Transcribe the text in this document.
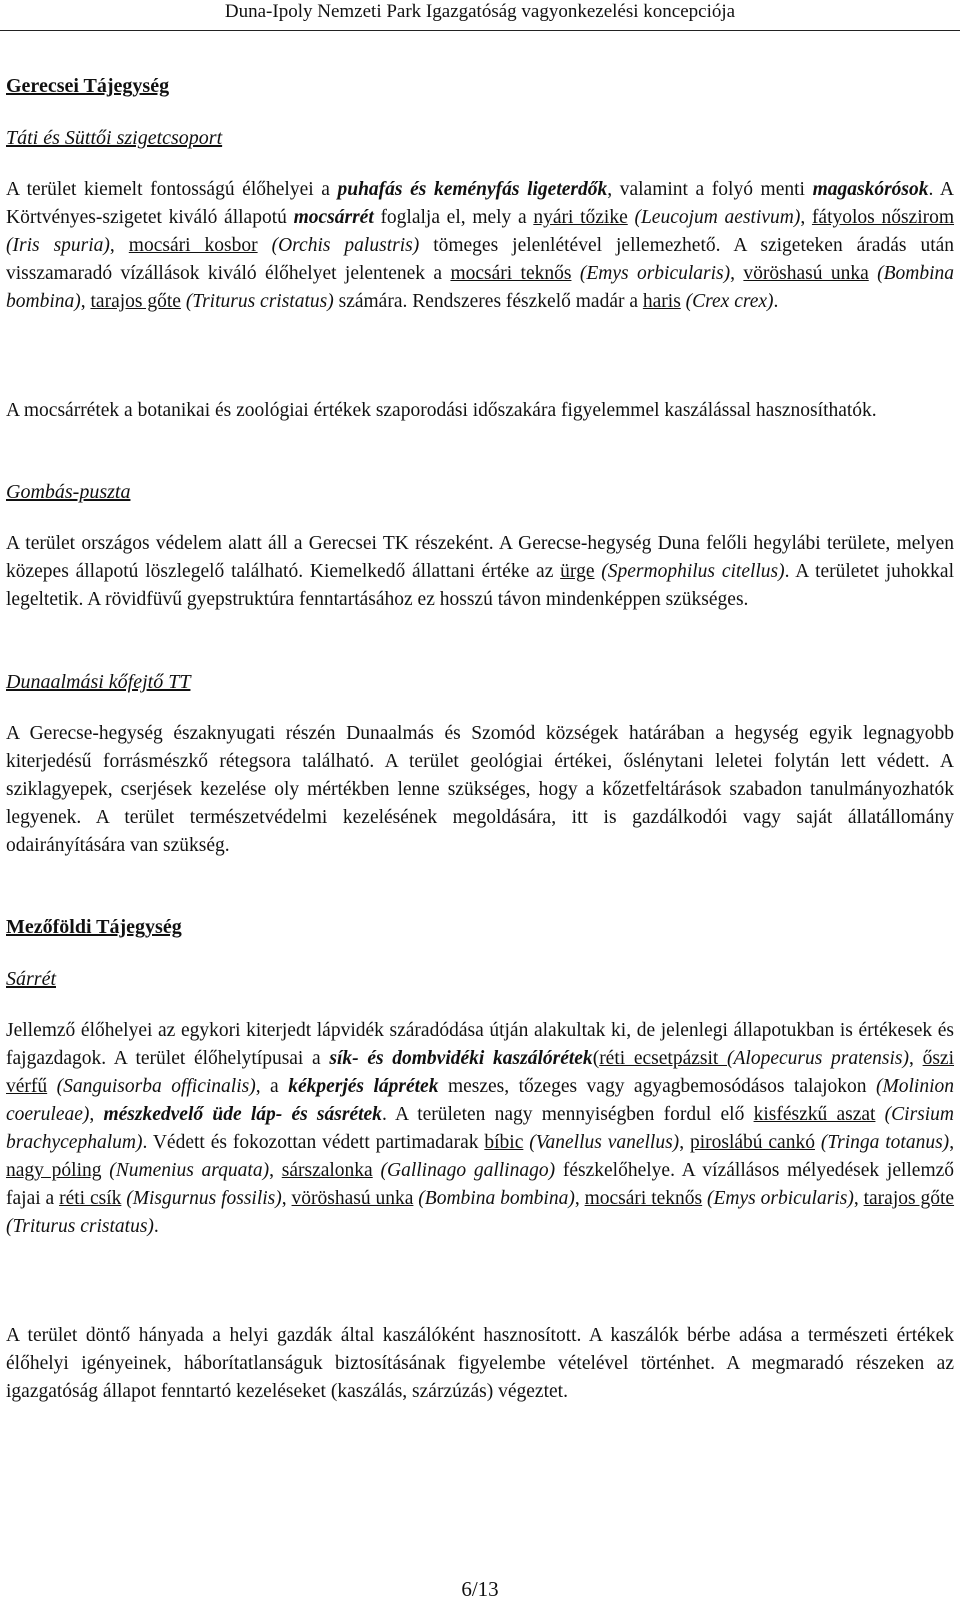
Duna-Ipoly Nemzeti Park Igazgatóság vagyonkezelési koncepciója
Gerecsei Tájegység
Táti és Süttői szigetcsoport

A terület kiemelt fontosságú élőhelyei a puhafás és keményfás ligeterdők, valamint a folyó menti magaskórósok. A Körtvényes-szigetet kiváló állapotú mocsárrét foglalja el, mely a nyári tőzike (Leucojum aestivum), fátyolos nőszirom (Iris spuria), mocsári kosbor (Orchis palustris) tömeges jelenlétével jellemezhető. A szigeteken áradás után visszamaradó vízállások kiváló élőhelyet jelentenek a mocsári teknős (Emys orbicularis), vöröshasú unka (Bombina bombina), tarajos gőte (Triturus cristatus) számára. Rendszeres fészkelő madár a haris (Crex crex).

A mocsárrétek a botanikai és zoológiai értékek szaporodási időszakára figyelemmel kaszálással hasznosíthatók.

Gombás-puszta

A terület országos védelem alatt áll a Gerecsei TK részeként. A Gerecse-hegység Duna felőli hegylábi területe, melyen közepes állapotú löszlegelő található. Kiemelkedő állattani értéke az ürge (Spermophilus citellus). A területet juhokkal legeltetik. A rövidfüvű gyepstruktúra fenntartásához ez hosszú távon mindenképpen szükséges.

Dunaalmási kőfejtő TT

A Gerecse-hegység északnyugati részén Dunaalmás és Szomód községek határában a hegység egyik legnagyobb kiterjedésű forrásmészkő rétegsora található. A terület geológiai értékei, őslénytani leletei folytán lett védett. A sziklagyepek, cserjések kezelése oly mértékben lenne szükséges, hogy a kőzetfeltárások szabadon tanulmányozhatók legyenek. A terület természetvédelmi kezelésének megoldására, itt is gazdálkodói vagy saját állatállomány odairányítására van szükség.

Mezőföldi Tájegység
Sárrét

Jellemző élőhelyei az egykori kiterjedt lápvidék száradódása útján alakultak ki, de jelenlegi állapotukban is értékesek és fajgazdagok. A terület élőhelytípusai a sík- és dombvidéki kaszálórétek(réti ecsetpázsit (Alopecurus pratensis), őszi vérfű (Sanguisorba officinalis), a kékperjés láprétek meszes, tőzeges vagy agyagbemosódásos talajokon (Molinion coeruleae), mészkedvelő üde láp- és sásrétek. A területen nagy mennyiségben fordul elő kisfészkű aszat (Cirsium brachycephalum). Védett és fokozottan védett partimadarak bíbic (Vanellus vanellus), piroslábú cankó (Tringa totanus), nagy póling (Numenius arquata), sárszalonka (Gallinago gallinago) fészkelőhelye. A vízállásos mélyedések jellemző fajai a réti csík (Misgurnus fossilis), vöröshasú unka (Bombina bombina), mocsári teknős (Emys orbicularis), tarajos gőte (Triturus cristatus).

A terület döntő hányada a helyi gazdák által kaszálóként hasznosított. A kaszálók bérbe adása a természeti értékek élőhelyi igényeinek, háborítatlanságuk biztosításának figyelembe vételével történhet. A megmaradó részeken az igazgatóság állapot fenntartó kezeléseket (kaszálás, szárzúzás) végeztet.

6/13
